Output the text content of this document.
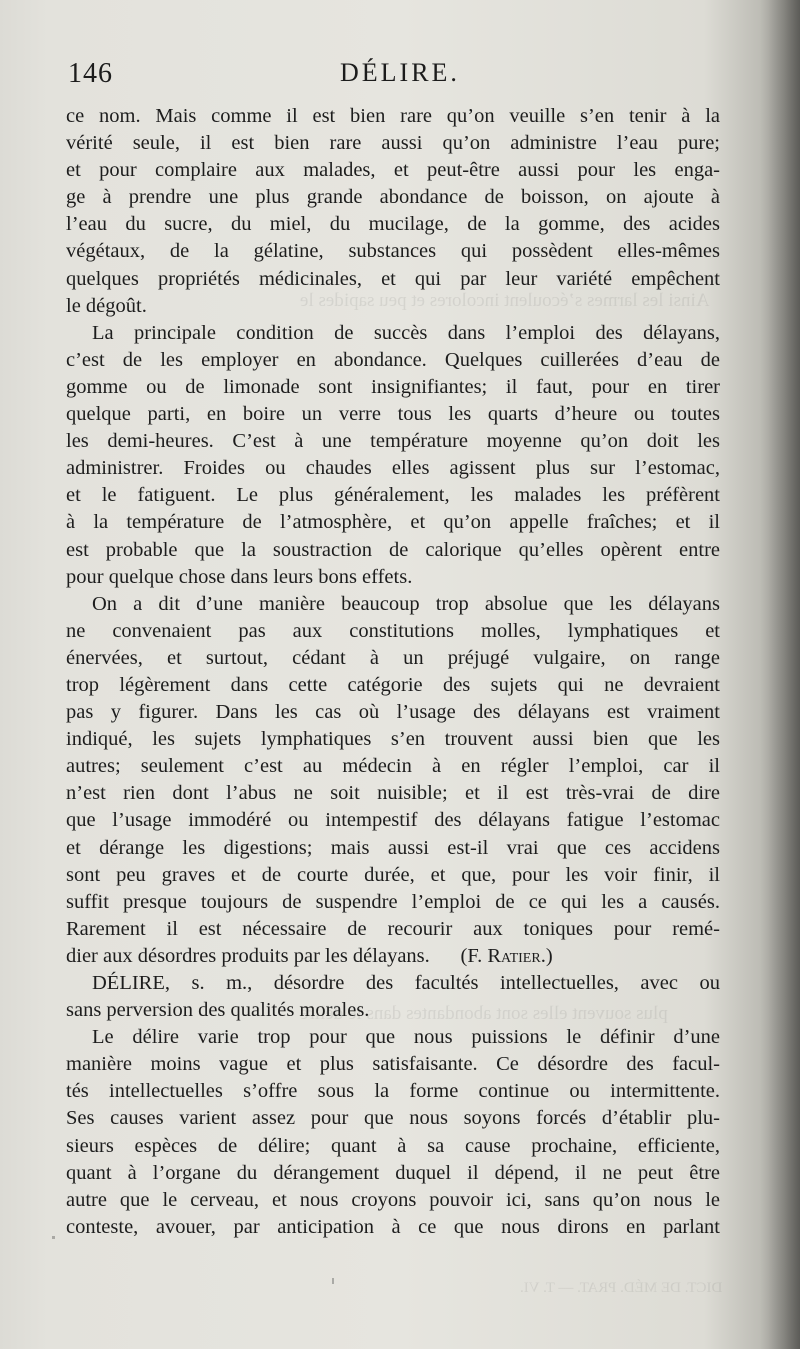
Ainsi les larmes s’écoulent incolores et peu sapides le
plus souvent elles sont abondantes dans le délire
DICT. DE MÉD. PRAT. — T. VI.
146	DÉLIRE.
ce nom. Mais comme il est bien rare qu’on veuille s’en tenir à la
vérité seule, il est bien rare aussi qu’on administre l’eau pure;
et pour complaire aux malades, et peut-être aussi pour les enga-
ge à prendre une plus grande abondance de boisson, on ajoute à
l’eau du sucre, du miel, du mucilage, de la gomme, des acides
végétaux, de la gélatine, substances qui possèdent elles-mêmes
quelques propriétés médicinales, et qui par leur variété empêchent
le dégoût.
La principale condition de succès dans l’emploi des délayans,
c’est de les employer en abondance. Quelques cuillerées d’eau de
gomme ou de limonade sont insignifiantes; il faut, pour en tirer
quelque parti, en boire un verre tous les quarts d’heure ou toutes
les demi-heures. C’est à une température moyenne qu’on doit les
administrer. Froides ou chaudes elles agissent plus sur l’estomac,
et le fatiguent. Le plus généralement, les malades les préfèrent
à la température de l’atmosphère, et qu’on appelle fraîches; et il
est probable que la soustraction de calorique qu’elles opèrent entre
pour quelque chose dans leurs bons effets.
On a dit d’une manière beaucoup trop absolue que les délayans
ne convenaient pas aux constitutions molles, lymphatiques et
énervées, et surtout, cédant à un préjugé vulgaire, on range
trop légèrement dans cette catégorie des sujets qui ne devraient
pas y figurer. Dans les cas où l’usage des délayans est vraiment
indiqué, les sujets lymphatiques s’en trouvent aussi bien que les
autres; seulement c’est au médecin à en régler l’emploi, car il
n’est rien dont l’abus ne soit nuisible; et il est très-vrai de dire
que l’usage immodéré ou intempestif des délayans fatigue l’estomac
et dérange les digestions; mais aussi est-il vrai que ces accidens
sont peu graves et de courte durée, et que, pour les voir finir, il
suffit presque toujours de suspendre l’emploi de ce qui les a causés.
Rarement il est nécessaire de recourir aux toniques pour remé-
dier aux désordres produits par les délayans.      (F. Ratier.)
DÉLIRE, s. m., désordre des facultés intellectuelles, avec ou
sans perversion des qualités morales.
Le délire varie trop pour que nous puissions le définir d’une
manière moins vague et plus satisfaisante. Ce désordre des facul-
tés intellectuelles s’offre sous la forme continue ou intermittente.
Ses causes varient assez pour que nous soyons forcés d’établir plu-
sieurs espèces de délire; quant à sa cause prochaine, efficiente,
quant à l’organe du dérangement duquel il dépend, il ne peut être
autre que le cerveau, et nous croyons pouvoir ici, sans qu’on nous le
conteste, avouer, par anticipation à ce que nous dirons en parlant
